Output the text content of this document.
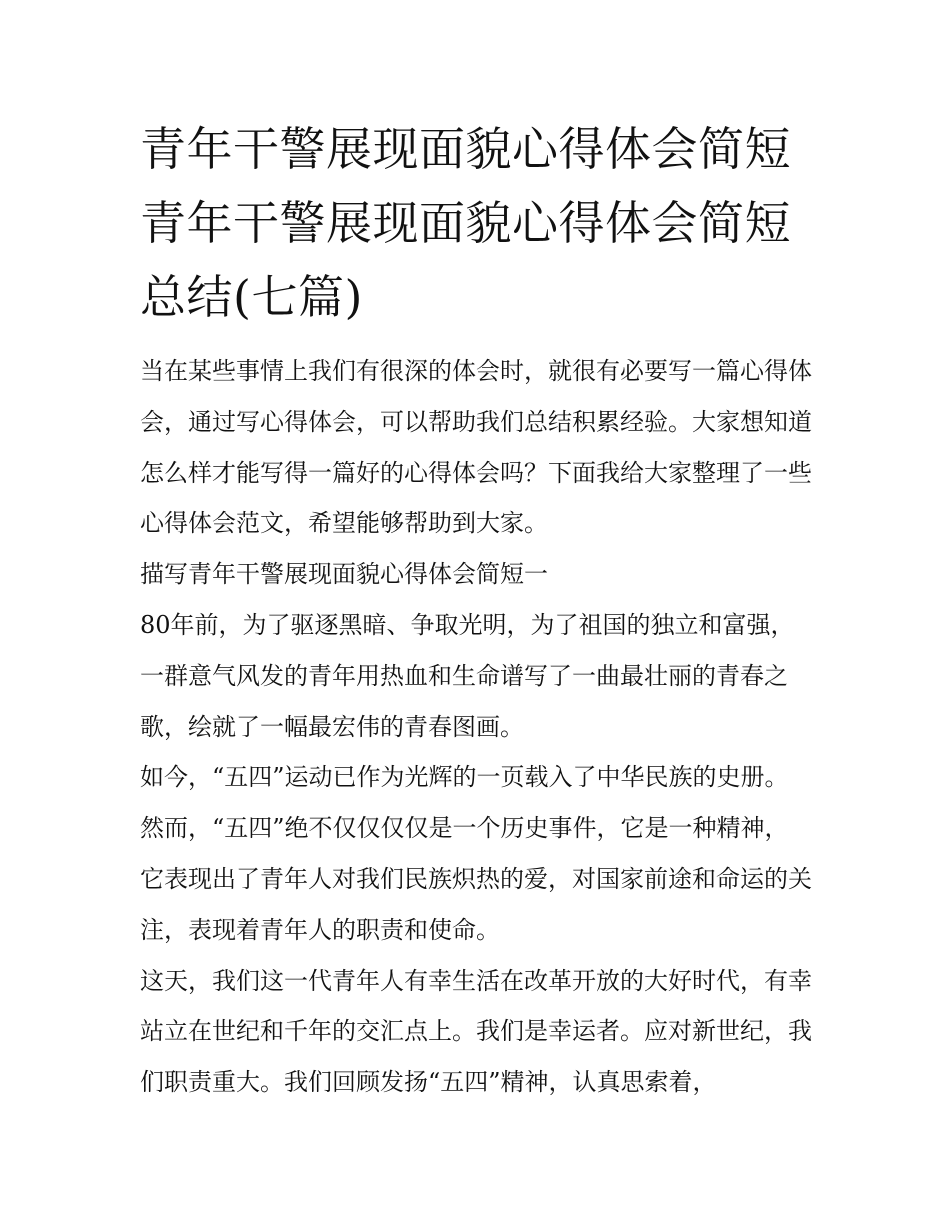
青年干警展现面貌心得体会简短 青年干警展现面貌心得体会简短总结(七篇)

当在某些事情上我们有很深的体会时，就很有必要写一篇心得体会，通过写心得体会，可以帮助我们总结积累经验。大家想知道怎么样才能写得一篇好的心得体会吗？下面我给大家整理了一些心得体会范文，希望能够帮助到大家。

描写青年干警展现面貌心得体会简短一

80年前，为了驱逐黑暗、争取光明，为了祖国的独立和富强，一群意气风发的青年用热血和生命谱写了一曲最壮丽的青春之歌，绘就了一幅最宏伟的青春图画。

如今，“五四”运动已作为光辉的一页载入了中华民族的史册。然而，“五四”绝不仅仅仅仅是一个历史事件，它是一种精神，它表现出了青年人对我们民族炽热的爱，对国家前途和命运的关注，表现着青年人的职责和使命。

这天，我们这一代青年人有幸生活在改革开放的大好时代，有幸站立在世纪和千年的交汇点上。我们是幸运者。应对新世纪，我们职责重大。我们回顾发扬“五四”精神，认真思索着，
